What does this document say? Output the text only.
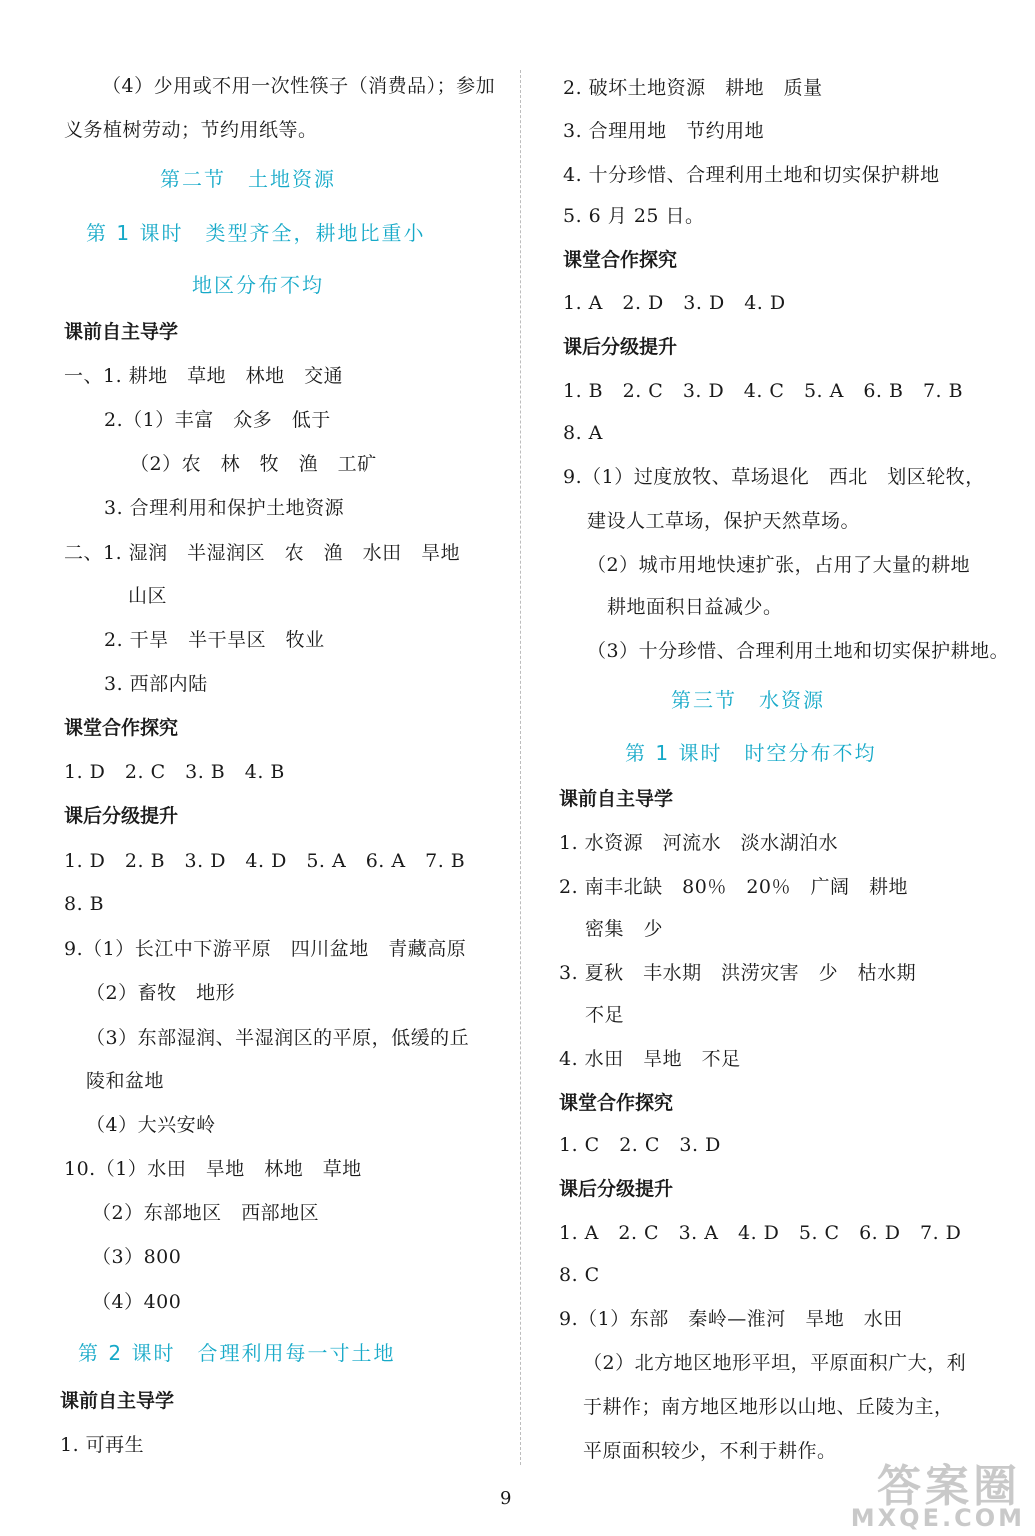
（4）少用或不用一次性筷子（消费品）；参加
义务植树劳动；节约用纸等。
第二节　土地资源
第 1 课时　类型齐全，耕地比重小
地区分布不均
课前自主导学
一、1. 耕地　草地　林地　交通
2.（1）丰富　众多　低于
（2）农　林　牧　渔　工矿
3. 合理利用和保护土地资源
二、1. 湿润　半湿润区　农　渔　水田　旱地
山区
2. 干旱　半干旱区　牧业
3. 西部内陆
课堂合作探究
1. D　2. C　3. B　4. B
课后分级提升
1. D　2. B　3. D　4. D　5. A　6. A　7. B
8. B
9.（1）长江中下游平原　四川盆地　青藏高原
（2）畜牧　地形
（3）东部湿润、半湿润区的平原，低缓的丘
陵和盆地
（4）大兴安岭
10.（1）水田　旱地　林地　草地
（2）东部地区　西部地区
（3）800
（4）400
第 2 课时　合理利用每一寸土地
课前自主导学
1. 可再生
2. 破坏土地资源　耕地　质量
3. 合理用地　节约用地
4. 十分珍惜、合理利用土地和切实保护耕地
5. 6 月 25 日。
课堂合作探究
1. A　2. D　3. D　4. D
课后分级提升
1. B　2. C　3. D　4. C　5. A　6. B　7. B
8. A
9.（1）过度放牧、草场退化　西北　划区轮牧，
建设人工草场，保护天然草场。
（2）城市用地快速扩张，占用了大量的耕地
耕地面积日益减少。
（3）十分珍惜、合理利用土地和切实保护耕地。
第三节　水资源
第 1 课时　时空分布不均
课前自主导学
1. 水资源　河流水　淡水湖泊水
2. 南丰北缺　80％　20％　广阔　耕地
密集　少
3. 夏秋　丰水期　洪涝灾害　少　枯水期
不足
4. 水田　旱地　不足
课堂合作探究
1. C　2. C　3. D
课后分级提升
1. A　2. C　3. A　4. D　5. C　6. D　7. D
8. C
9.（1）东部　秦岭—淮河　旱地　水田
（2）北方地区地形平坦，平原面积广大，利
于耕作；南方地区地形以山地、丘陵为主，
平原面积较少，不利于耕作。
9	答案圈
MXQE.COM
